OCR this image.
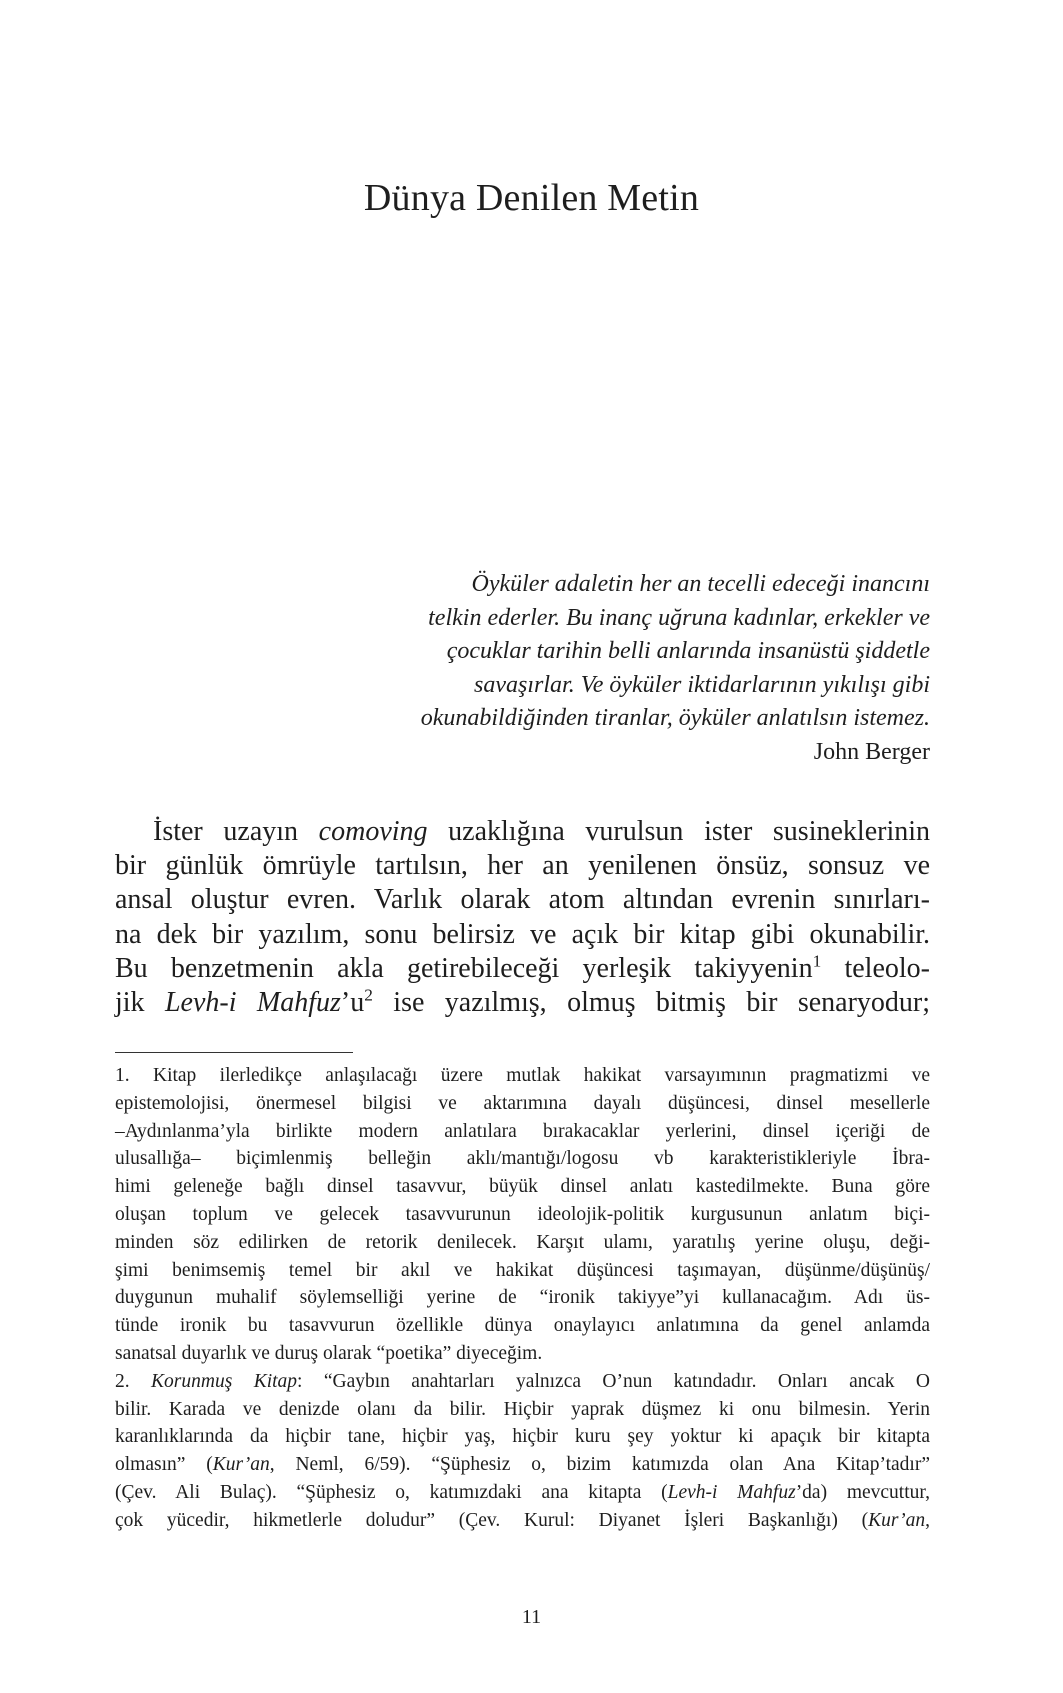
Dünya Denilen Metin
Öyküler adaletin her an tecelli edeceği inancını
telkin ederler. Bu inanç uğruna kadınlar, erkekler ve
çocuklar tarihin belli anlarında insanüstü şiddetle
savaşırlar. Ve öyküler iktidarlarının yıkılışı gibi
okunabildiğinden tiranlar, öyküler anlatılsın istemez.
John Berger
İster uzayın comoving uzaklığına vurulsun ister susineklerinin
bir günlük ömrüyle tartılsın, her an yenilenen önsüz, sonsuz ve
ansal oluştur evren. Varlık olarak atom altından evrenin sınırları-
na dek bir yazılım, sonu belirsiz ve açık bir kitap gibi okunabilir.
Bu benzetmenin akla getirebileceği yerleşik takiyyenin$^1$ teleolo-
jik Levh-i $Mahfuz’u^2$ ise yazılmış, olmuş bitmiş bir senaryodur;
1. Kitap ilerledikçe anlaşılacağı üzere mutlak hakikat varsayımının pragmatizmi ve
epistemolojisi, önermesel bilgisi ve aktarımına dayalı düşüncesi, dinsel mesellerle
–Aydınlanma’yla birlikte modern anlatılara bırakacaklar yerlerini, dinsel içeriği de
ulusallığa– biçimlenmiş belleğin aklı/mantığı/logosu vb karakteristikleriyle İbra-
himi geleneğe bağlı dinsel tasavvur, büyük dinsel anlatı kastedilmekte. Buna göre
oluşan toplum ve gelecek tasavvurunun ideolojik-politik kurgusunun anlatım biçi-
minden söz edilirken de retorik denilecek. Karşıt ulamı, yaratılış yerine oluşu, deği-
şimi benimsemiş temel bir akıl ve hakikat düşüncesi taşımayan, düşünme/düşünüş/
duygunun muhalif söylemselliği yerine de “ironik takiyye”yi kullanacağım. Adı üs-
tünde ironik bu tasavvurun özellikle dünya onaylayıcı anlatımına da genel anlamda
sanatsal duyarlık ve duruş olarak “poetika” diyeceğim.
2. Korunmuş Kitap: “Gaybın anahtarları yalnızca O’nun katındadır. Onları ancak O
bilir. Karada ve denizde olanı da bilir. Hiçbir yaprak düşmez ki onu bilmesin. Yerin
karanlıklarında da hiçbir tane, hiçbir yaş, hiçbir kuru şey yoktur ki apaçık bir kitapta
olmasın” (Kur’an, Neml, 6/59). “Şüphesiz o, bizim katımızda olan Ana Kitap’tadır”
(Çev. Ali Bulaç). “Şüphesiz o, katımızdaki ana kitapta (Levh-i Mahfuz’da) mevcuttur,
çok yücedir, hikmetlerle doludur” (Çev. Kurul: Diyanet İşleri Başkanlığı) (Kur’an,
11
